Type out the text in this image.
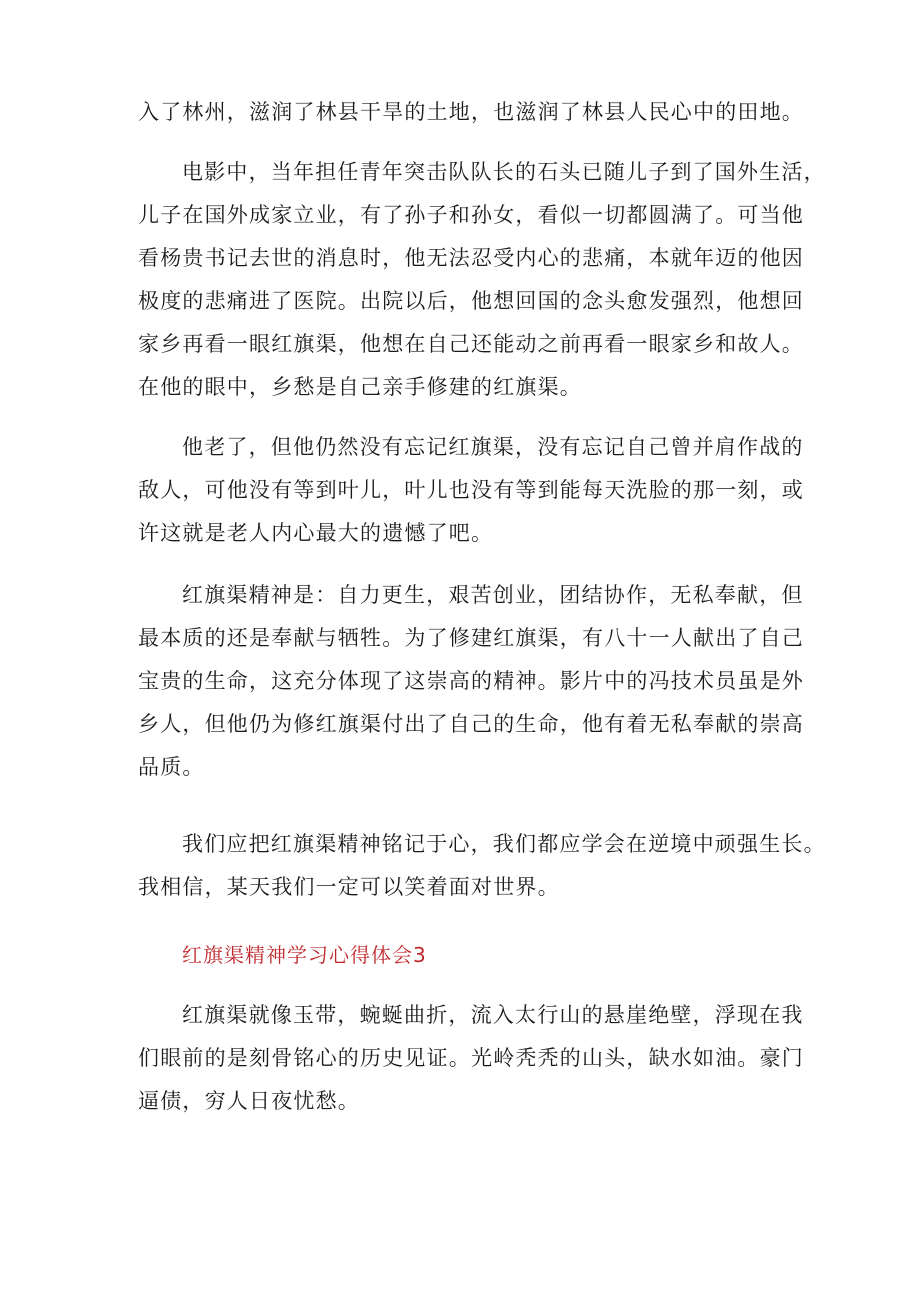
入了林州，滋润了林县干旱的土地，也滋润了林县人民心中的田地。
电影中，当年担任青年突击队队长的石头已随儿子到了国外生活，
儿子在国外成家立业，有了孙子和孙女，看似一切都圆满了。可当他
看杨贵书记去世的消息时，他无法忍受内心的悲痛，本就年迈的他因
极度的悲痛进了医院。出院以后，他想回国的念头愈发强烈，他想回
家乡再看一眼红旗渠，他想在自己还能动之前再看一眼家乡和故人。
在他的眼中，乡愁是自己亲手修建的红旗渠。
他老了，但他仍然没有忘记红旗渠，没有忘记自己曾并肩作战的
敌人，可他没有等到叶儿，叶儿也没有等到能每天洗脸的那一刻，或
许这就是老人内心最大的遗憾了吧。
红旗渠精神是：自力更生，艰苦创业，团结协作，无私奉献，但
最本质的还是奉献与牺牲。为了修建红旗渠，有八十一人献出了自己
宝贵的生命，这充分体现了这崇高的精神。影片中的冯技术员虽是外
乡人，但他仍为修红旗渠付出了自己的生命，他有着无私奉献的崇高
品质。
我们应把红旗渠精神铭记于心，我们都应学会在逆境中顽强生长。
我相信，某天我们一定可以笑着面对世界。
红旗渠精神学习心得体会3
红旗渠就像玉带，蜿蜒曲折，流入太行山的悬崖绝壁，浮现在我
们眼前的是刻骨铭心的历史见证。光岭秃秃的山头，缺水如油。豪门
逼债，穷人日夜忧愁。
